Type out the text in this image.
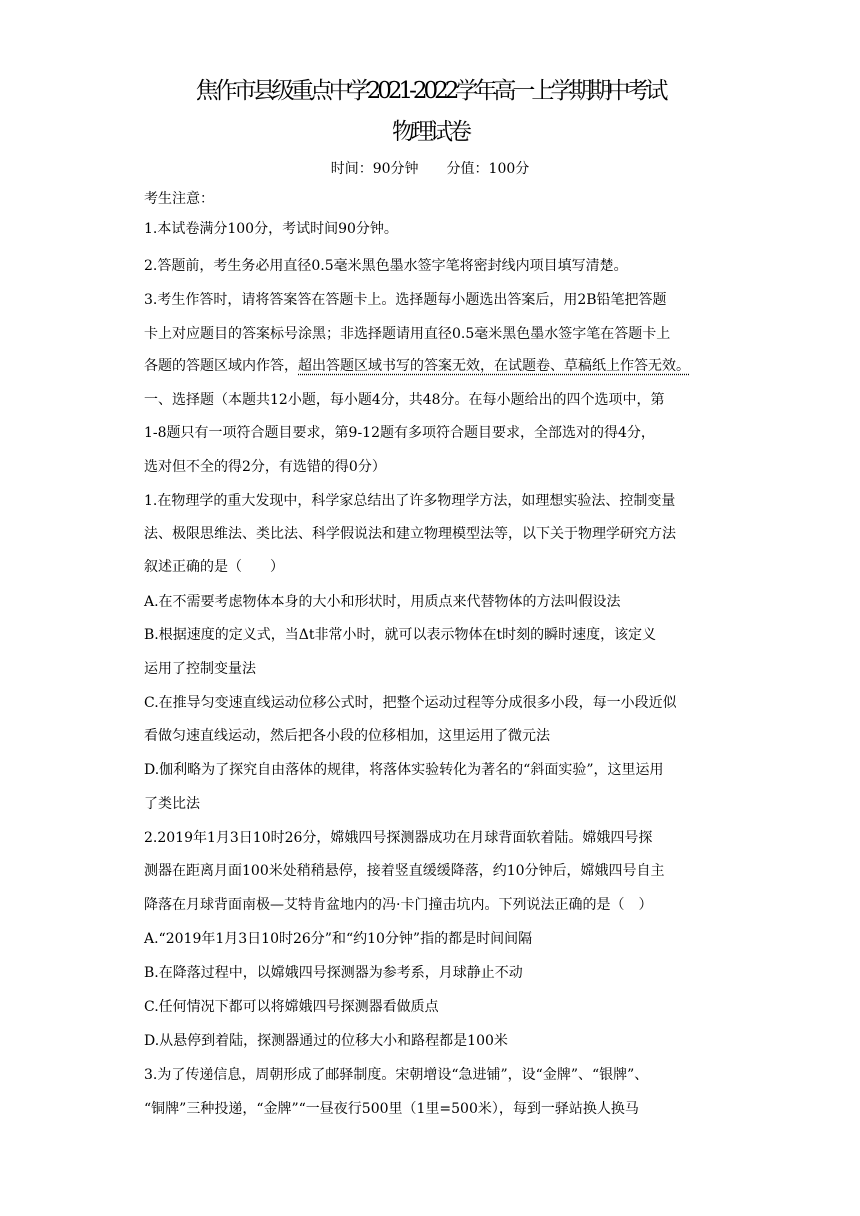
焦作市县级重点中学2021-2022学年高一上学期期中考试
物理试卷
时间：90分钟 分值：100分
考生注意：
1.本试卷满分100分，考试时间90分钟。
2.答题前，考生务必用直径0.5毫米黑色墨水签字笔将密封线内项目填写清楚。
3.考生作答时，请将答案答在答题卡上。选择题每小题选出答案后，用2B铅笔把答题
卡上对应题目的答案标号涂黑；非选择题请用直径0.5毫米黑色墨水签字笔在答题卡上
各题的答题区域内作答，超出答题区域书写的答案无效，在试题卷、草稿纸上作答无效。
一、选择题（本题共12小题，每小题4分，共48分。在每小题给出的四个选项中，第
1-8题只有一项符合题目要求，第9-12题有多项符合题目要求，全部选对的得4分，
选对但不全的得2分，有选错的得0分）
1.在物理学的重大发现中，科学家总结出了许多物理学方法，如理想实验法、控制变量
法、极限思维法、类比法、科学假说法和建立物理模型法等，以下关于物理学研究方法
叙述正确的是（　　）
A.在不需要考虑物体本身的大小和形状时，用质点来代替物体的方法叫假设法
B.根据速度的定义式，当Δt非常小时，就可以表示物体在t时刻的瞬时速度，该定义
运用了控制变量法
C.在推导匀变速直线运动位移公式时，把整个运动过程等分成很多小段，每一小段近似
看做匀速直线运动，然后把各小段的位移相加，这里运用了微元法
D.伽利略为了探究自由落体的规律，将落体实验转化为著名的“斜面实验”，这里运用
了类比法
2.2019年1月3日10时26分，嫦娥四号探测器成功在月球背面软着陆。嫦娥四号探
测器在距离月面100米处稍稍悬停，接着竖直缓缓降落，约10分钟后，嫦娥四号自主
降落在月球背面南极—艾特肯盆地内的冯·卡门撞击坑内。下列说法正确的是（　）
A.“2019年1月3日10时26分”和“约10分钟”指的都是时间间隔
B.在降落过程中，以嫦娥四号探测器为参考系，月球静止不动
C.任何情况下都可以将嫦娥四号探测器看做质点
D.从悬停到着陆，探测器通过的位移大小和路程都是100米
3.为了传递信息，周朝形成了邮驿制度。宋朝增设“急进铺”，设“金牌”、“银牌”、
“铜牌”三种投递，“金牌”“一昼夜行500里（1里=500米），每到一驿站换人换马
